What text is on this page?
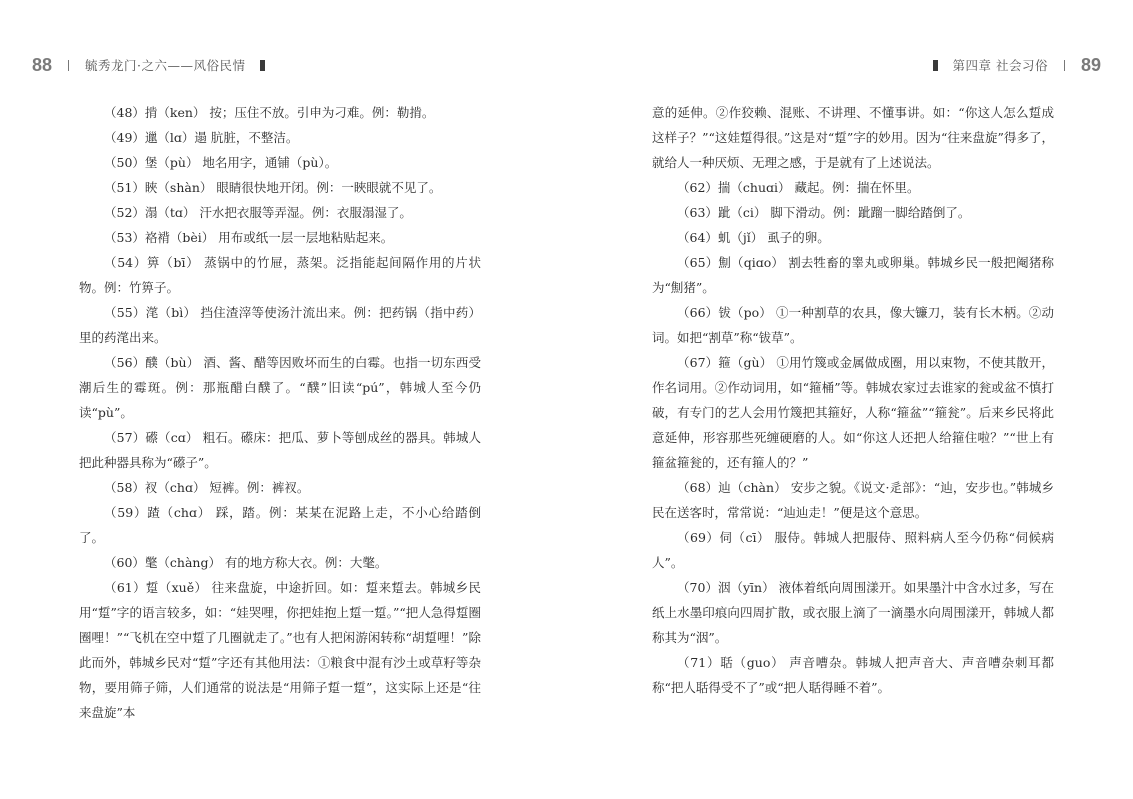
88	毓秀龙门·之六——风俗民情	第四章 社会习俗 89

（48）掯（ken） 按；压住不放。引申为刁难。例：勒掯。

（49）邋（lɑ）遢 肮脏，不整洁。

（50）堡（pù） 地名用字，通铺（pù）。

（51）䀹（shàn） 眼睛很快地开闭。例：一䀹眼就不见了。

（52）溻（tɑ） 汗水把衣服等弄湿。例：衣服溻湿了。

（53）袼褙（bèi） 用布或纸一层一层地粘贴起来。

（54）箅（bī） 蒸锅中的竹屉，蒸架。泛指能起间隔作用的片状物。例：竹箅子。

（55）滗（bì） 挡住渣滓等使汤汁流出来。例：把药锅（指中药）里的药滗出来。

（56）醭（bù） 酒、酱、醋等因败坏而生的白霉。也指一切东西受潮后生的霉斑。例：那瓶醋白醭了。“醭”旧读“pú”，韩城人至今仍读“pù”。

（57）礤（cɑ） 粗石。礤床：把瓜、萝卜等刨成丝的器具。韩城人把此种器具称为“礤子”。

（58）衩（chɑ） 短裤。例：裤衩。

（59）蹅（chɑ） 踩，踏。例：某某在泥路上走，不小心给踏倒了。

（60）氅（chàng） 有的地方称大衣。例：大氅。

（61）踅（xuě） 往来盘旋，中途折回。如：踅来踅去。韩城乡民用“踅”字的语言较多，如：“娃哭哩，你把娃抱上踅一踅。”“把人急得踅圈圈哩！”“飞机在空中踅了几圈就走了。”也有人把闲游闲转称“胡踅哩！”除此而外，韩城乡民对“踅”字还有其他用法：①粮食中混有沙土或草籽等杂物，要用筛子筛，人们通常的说法是“用筛子踅一踅”，这实际上还是“往来盘旋”本

意的延伸。②作狡赖、混账、不讲理、不懂事讲。如：“你这人怎么踅成这样子？”“这娃踅得很。”这是对“踅”字的妙用。因为“往来盘旋”得多了，就给人一种厌烦、无理之感，于是就有了上述说法。

（62）揣（chuɑi） 藏起。例：揣在怀里。

（63）跐（ci） 脚下滑动。例：跐蹓一脚给踏倒了。

（64）虮（jǐ） 虱子的卵。

（65）劁（qiɑo） 割去牲畜的睾丸或卵巢。韩城乡民一般把阉猪称为“劁猪”。

（66）钹（po） ①一种割草的农具，像大镰刀，装有长木柄。②动词。如把“割草”称“钹草”。

（67）箍（gù） ①用竹篾或金属做成圈，用以束物，不使其散开，作名词用。②作动词用，如“箍桶”等。韩城农家过去谁家的瓮或盆不慎打破，有专门的艺人会用竹篾把其箍好，人称“箍盆”“箍瓮”。后来乡民将此意延伸，形容那些死缠硬磨的人。如“你这人还把人给箍住啦？”“世上有箍盆箍瓮的，还有箍人的？”

（68）辿（chàn） 安步之貌。《说文·辵部》：“辿，安步也。”韩城乡民在送客时，常常说：“辿辿走！”便是这个意思。

（69）伺（cī） 服侍。韩城人把服侍、照料病人至今仍称“伺候病人”。

（70）洇（yīn） 液体着纸向周围漾开。如果墨汁中含水过多，写在纸上水墨印痕向四周扩散，或衣服上滴了一滴墨水向周围漾开，韩城人都称其为“洇”。

（71）聒（guo） 声音嘈杂。韩城人把声音大、声音嘈杂刺耳都称“把人聒得受不了”或“把人聒得睡不着”。
